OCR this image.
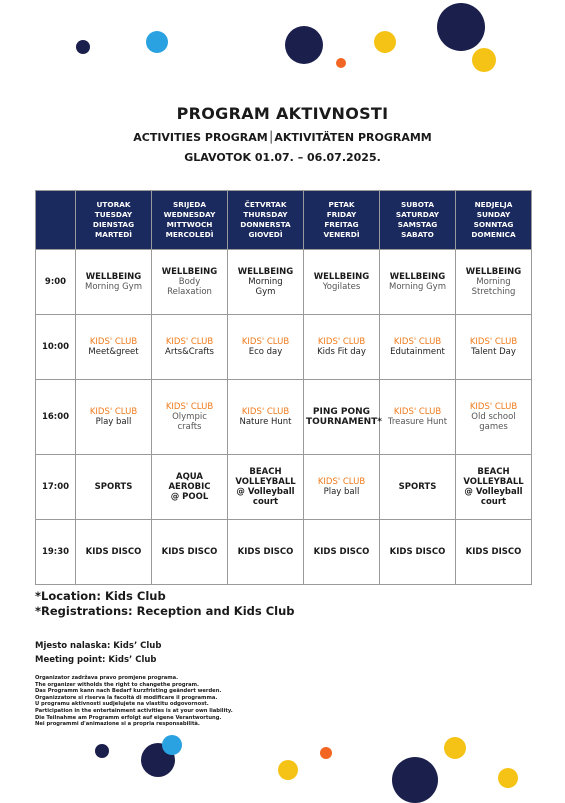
PROGRAM AKTIVNOSTI
ACTIVITIES PROGRAM│AKTIVITÄTEN PROGRAMM
GLAVOTOK 01.07. – 06.07.2025.

	UTORAK
TUESDAY
DIENSTAG
MARTEDÌ	SRIJEDA
WEDNESDAY
MITTWOCH
MERCOLEDÌ	ČETVRTAK
THURSDAY
DONNERSTA
GIOVEDÌ	PETAK
FRIDAY
FREITAG
VENERDÌ	SUBOTA
SATURDAY
SAMSTAG
SABATO	NEDJELJA
SUNDAY
SONNTAG
DOMENICA

9:00	WELLBEING
Morning Gym	WELLBEING
Body
Relaxation	WELLBEING
Morning
Gym	WELLBEING
Yogilates	WELLBEING
Morning Gym	WELLBEING
Morning
Stretching

10:00	KIDS' CLUB
Meet&greet	KIDS' CLUB
Arts&Crafts	KIDS' CLUB
Eco day	KIDS' CLUB
Kids Fit day	KIDS' CLUB
Edutainment	KIDS' CLUB
Talent Day

16:00	KIDS' CLUB
Play ball	KIDS' CLUB
Olympic
crafts	KIDS' CLUB
Nature Hunt	PING PONG
TOURNAMENT*	KIDS' CLUB
Treasure Hunt	KIDS' CLUB
Old school
games

17:00	SPORTS	AQUA
AEROBIC
@ POOL	BEACH
VOLLEYBALL
@ Volleyball
court	KIDS' CLUB
Play ball	SPORTS	BEACH
VOLLEYBALL
@ Volleyball
court

19:30	KIDS DISCO	KIDS DISCO	KIDS DISCO	KIDS DISCO	KIDS DISCO	KIDS DISCO
*Location: Kids Club
*Registrations: Reception and Kids Club
Mjesto nalaska: Kids’ Club
Meeting point: Kids’ Club
Organizator zadržava pravo promjene programa.
The organizer witholds the right to changethe program.
Das Programm kann nach Bedarf kurzfristing geändert werden.
Organizzatore si riserva la facoltà di modificare il programma.
U programu aktivnosti sudjelujete na vlastitu odgovornost.
Participation in the entertainment activities is at your own liability.
Die Teilnahme am Programm erfolgt auf eigene Verantwortung.
Nei programmi d'animazione si a propria responsabilità.
